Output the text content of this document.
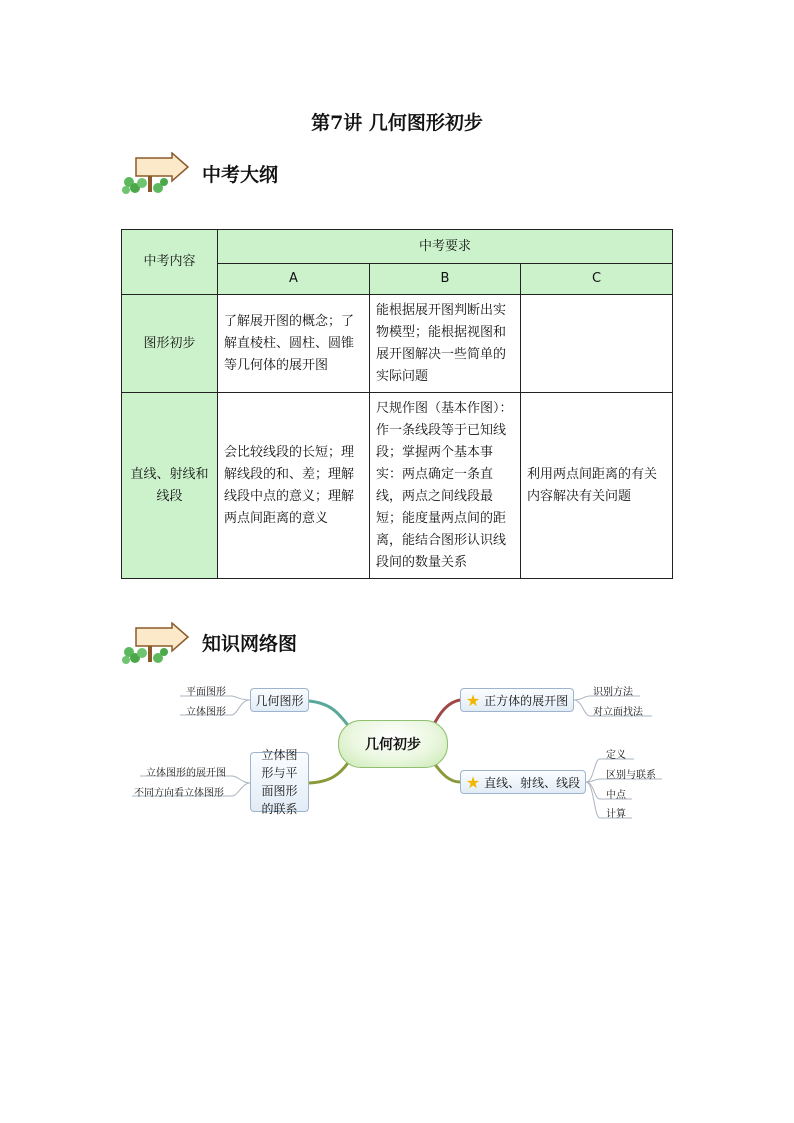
第7讲 几何图形初步
中考大纲
中考内容	中考要求		
	A	B	C
图形初步	了解展开图的概念；了解直棱柱、圆柱、圆锥等几何体的展开图	能根据展开图判断出实物模型；能根据视图和展开图解决一些简单的实际问题	
直线、射线和线段	会比较线段的长短；理解线段的和、差；理解线段中点的意义；理解两点间距离的意义	尺规作图（基本作图）：作一条线段等于已知线段；掌握两个基本事实：两点确定一条直线，两点之间线段最短；能度量两点间的距离，能结合图形认识线段间的数量关系	利用两点间距离的有关内容解决有关问题
知识网络图
几何初步
几何图形
立体图形与平面图形的联系
★ 正方体的展开图
★ 直线、射线、线段
平面图形
立体图形
立体图形的展开图
不同方向看立体图形
识别方法
对立面找法
定义
区别与联系
中点
计算
